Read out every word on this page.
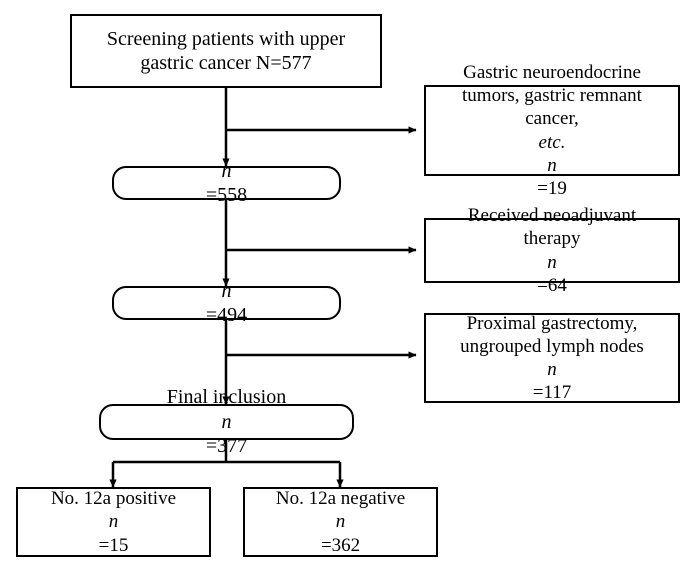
Screening patients with upper
gastric cancer N=577	Gastric neuroendocrine
tumors, gastric remnant
cancer,
etc.
n
=19
n
=558
Received neoadjuvant
therapy
n
=64
n
=494	Proximal gastrectomy,
ungrouped lymph nodes
n
=117
Final inclusion
n
=377
No. 12a positive
n
=15
No. 12a negative
n
=362
